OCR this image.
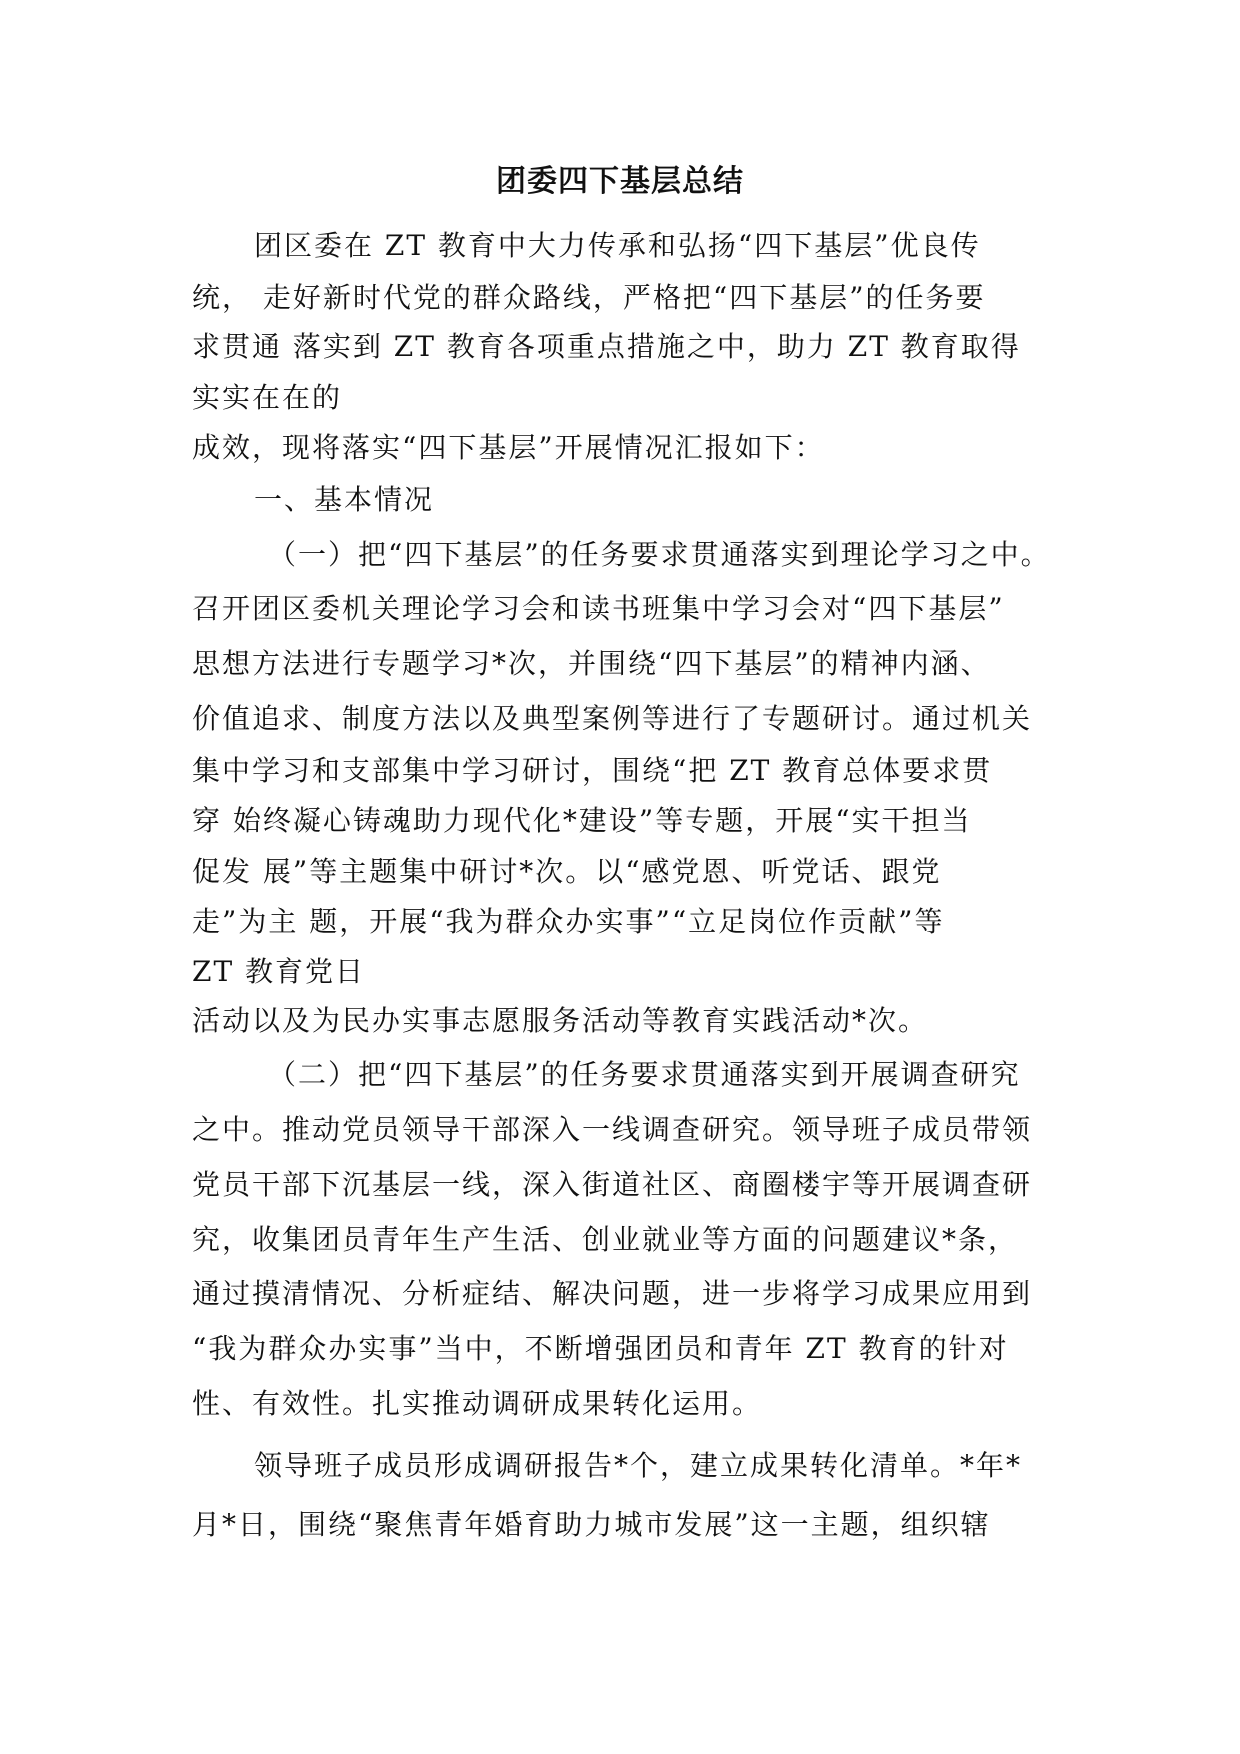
团委四下基层总结
团区委在 ZT 教育中大力传承和弘扬“四下基层”优良传
统， 走好新时代党的群众路线，严格把“四下基层”的任务要
求贯通 落实到 ZT 教育各项重点措施之中，助力 ZT 教育取得
实实在在的
成效，现将落实“四下基层”开展情况汇报如下：
一、基本情况
（一）把“四下基层”的任务要求贯通落实到理论学习之中。
召开团区委机关理论学习会和读书班集中学习会对“四下基层”
思想方法进行专题学习*次，并围绕“四下基层”的精神内涵、
价值追求、制度方法以及典型案例等进行了专题研讨。通过机关
集中学习和支部集中学习研讨，围绕“把 ZT 教育总体要求贯
穿 始终凝心铸魂助力现代化*建设”等专题，开展“实干担当
促发 展”等主题集中研讨*次。以“感党恩、听党话、跟党
走”为主 题，开展“我为群众办实事”“立足岗位作贡献”等
ZT 教育党日
活动以及为民办实事志愿服务活动等教育实践活动*次。
（二）把“四下基层”的任务要求贯通落实到开展调查研究
之中。推动党员领导干部深入一线调查研究。领导班子成员带领
党员干部下沉基层一线，深入街道社区、商圈楼宇等开展调查研
究，收集团员青年生产生活、创业就业等方面的问题建议*条，
通过摸清情况、分析症结、解决问题，进一步将学习成果应用到
“我为群众办实事”当中，不断增强团员和青年 ZT 教育的针对
性、有效性。扎实推动调研成果转化运用。
领导班子成员形成调研报告*个，建立成果转化清单。*年*
月*日，围绕“聚焦青年婚育助力城市发展”这一主题，组织辖
